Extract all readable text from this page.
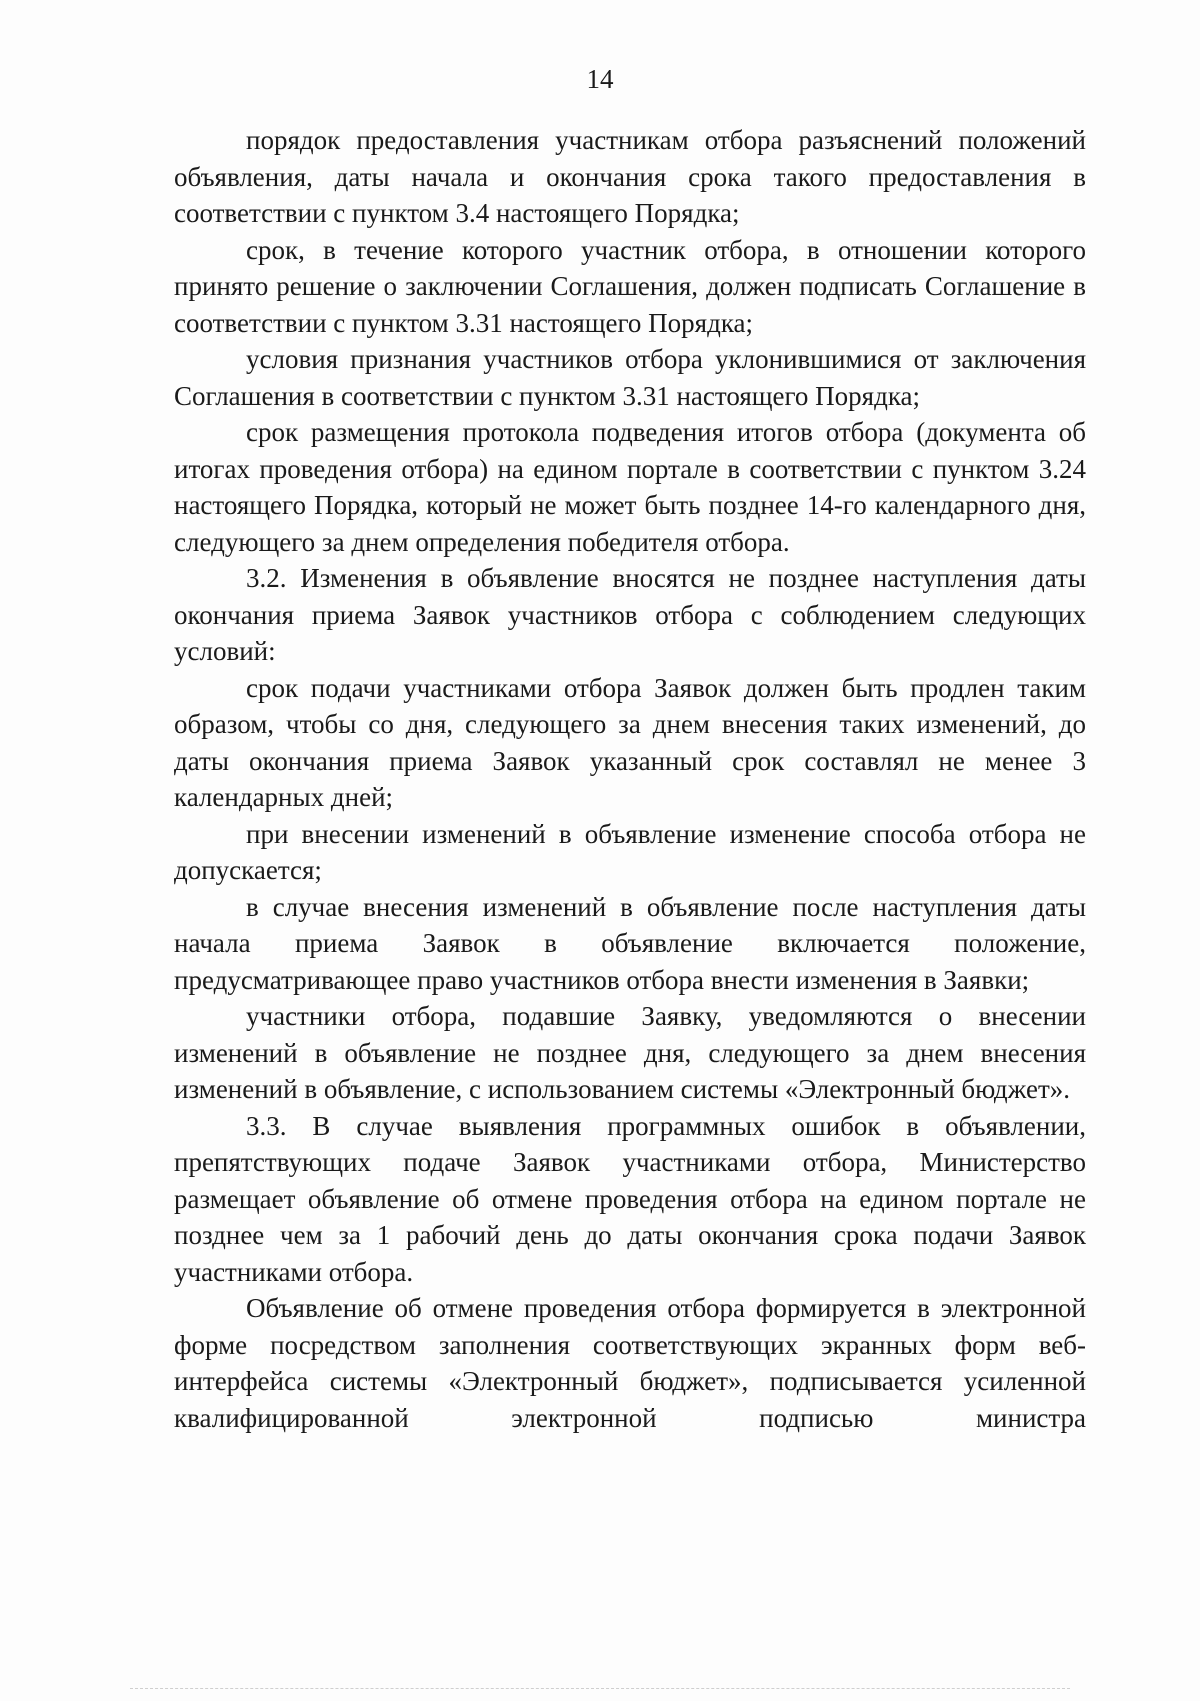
14

порядок предоставления участникам отбора разъяснений положений объявления, даты начала и окончания срока такого предоставления в соответствии с пунктом 3.4 настоящего Порядка;

срок, в течение которого участник отбора, в отношении которого принято решение о заключении Соглашения, должен подписать Соглашение в соответствии с пунктом 3.31 настоящего Порядка;

условия признания участников отбора уклонившимися от заключения Соглашения в соответствии с пунктом 3.31 настоящего Порядка;

срок размещения протокола подведения итогов отбора (документа об итогах проведения отбора) на едином портале в соответствии с пунктом 3.24 настоящего Порядка, который не может быть позднее 14-го календарного дня, следующего за днем определения победителя отбора.

3.2. Изменения в объявление вносятся не позднее наступления даты окончания приема Заявок участников отбора с соблюдением следующих условий:

срок подачи участниками отбора Заявок должен быть продлен таким образом, чтобы со дня, следующего за днем внесения таких изменений, до даты окончания приема Заявок указанный срок составлял не менее 3 календарных дней;

при внесении изменений в объявление изменение способа отбора не допускается;

в случае внесения изменений в объявление после наступления даты начала приема Заявок в объявление включается положение, предусматривающее право участников отбора внести изменения в Заявки;

участники отбора, подавшие Заявку, уведомляются о внесении изменений в объявление не позднее дня, следующего за днем внесения изменений в объявление, с использованием системы «Электронный бюджет».

3.3. В случае выявления программных ошибок в объявлении, препятствующих подаче Заявок участниками отбора, Министерство размещает объявление об отмене проведения отбора на едином портале не позднее чем за 1 рабочий день до даты окончания срока подачи Заявок участниками отбора.

Объявление об отмене проведения отбора формируется в электронной форме посредством заполнения соответствующих экранных форм веб-интерфейса системы «Электронный бюджет», подписывается усиленной квалифицированной электронной подписью министра
